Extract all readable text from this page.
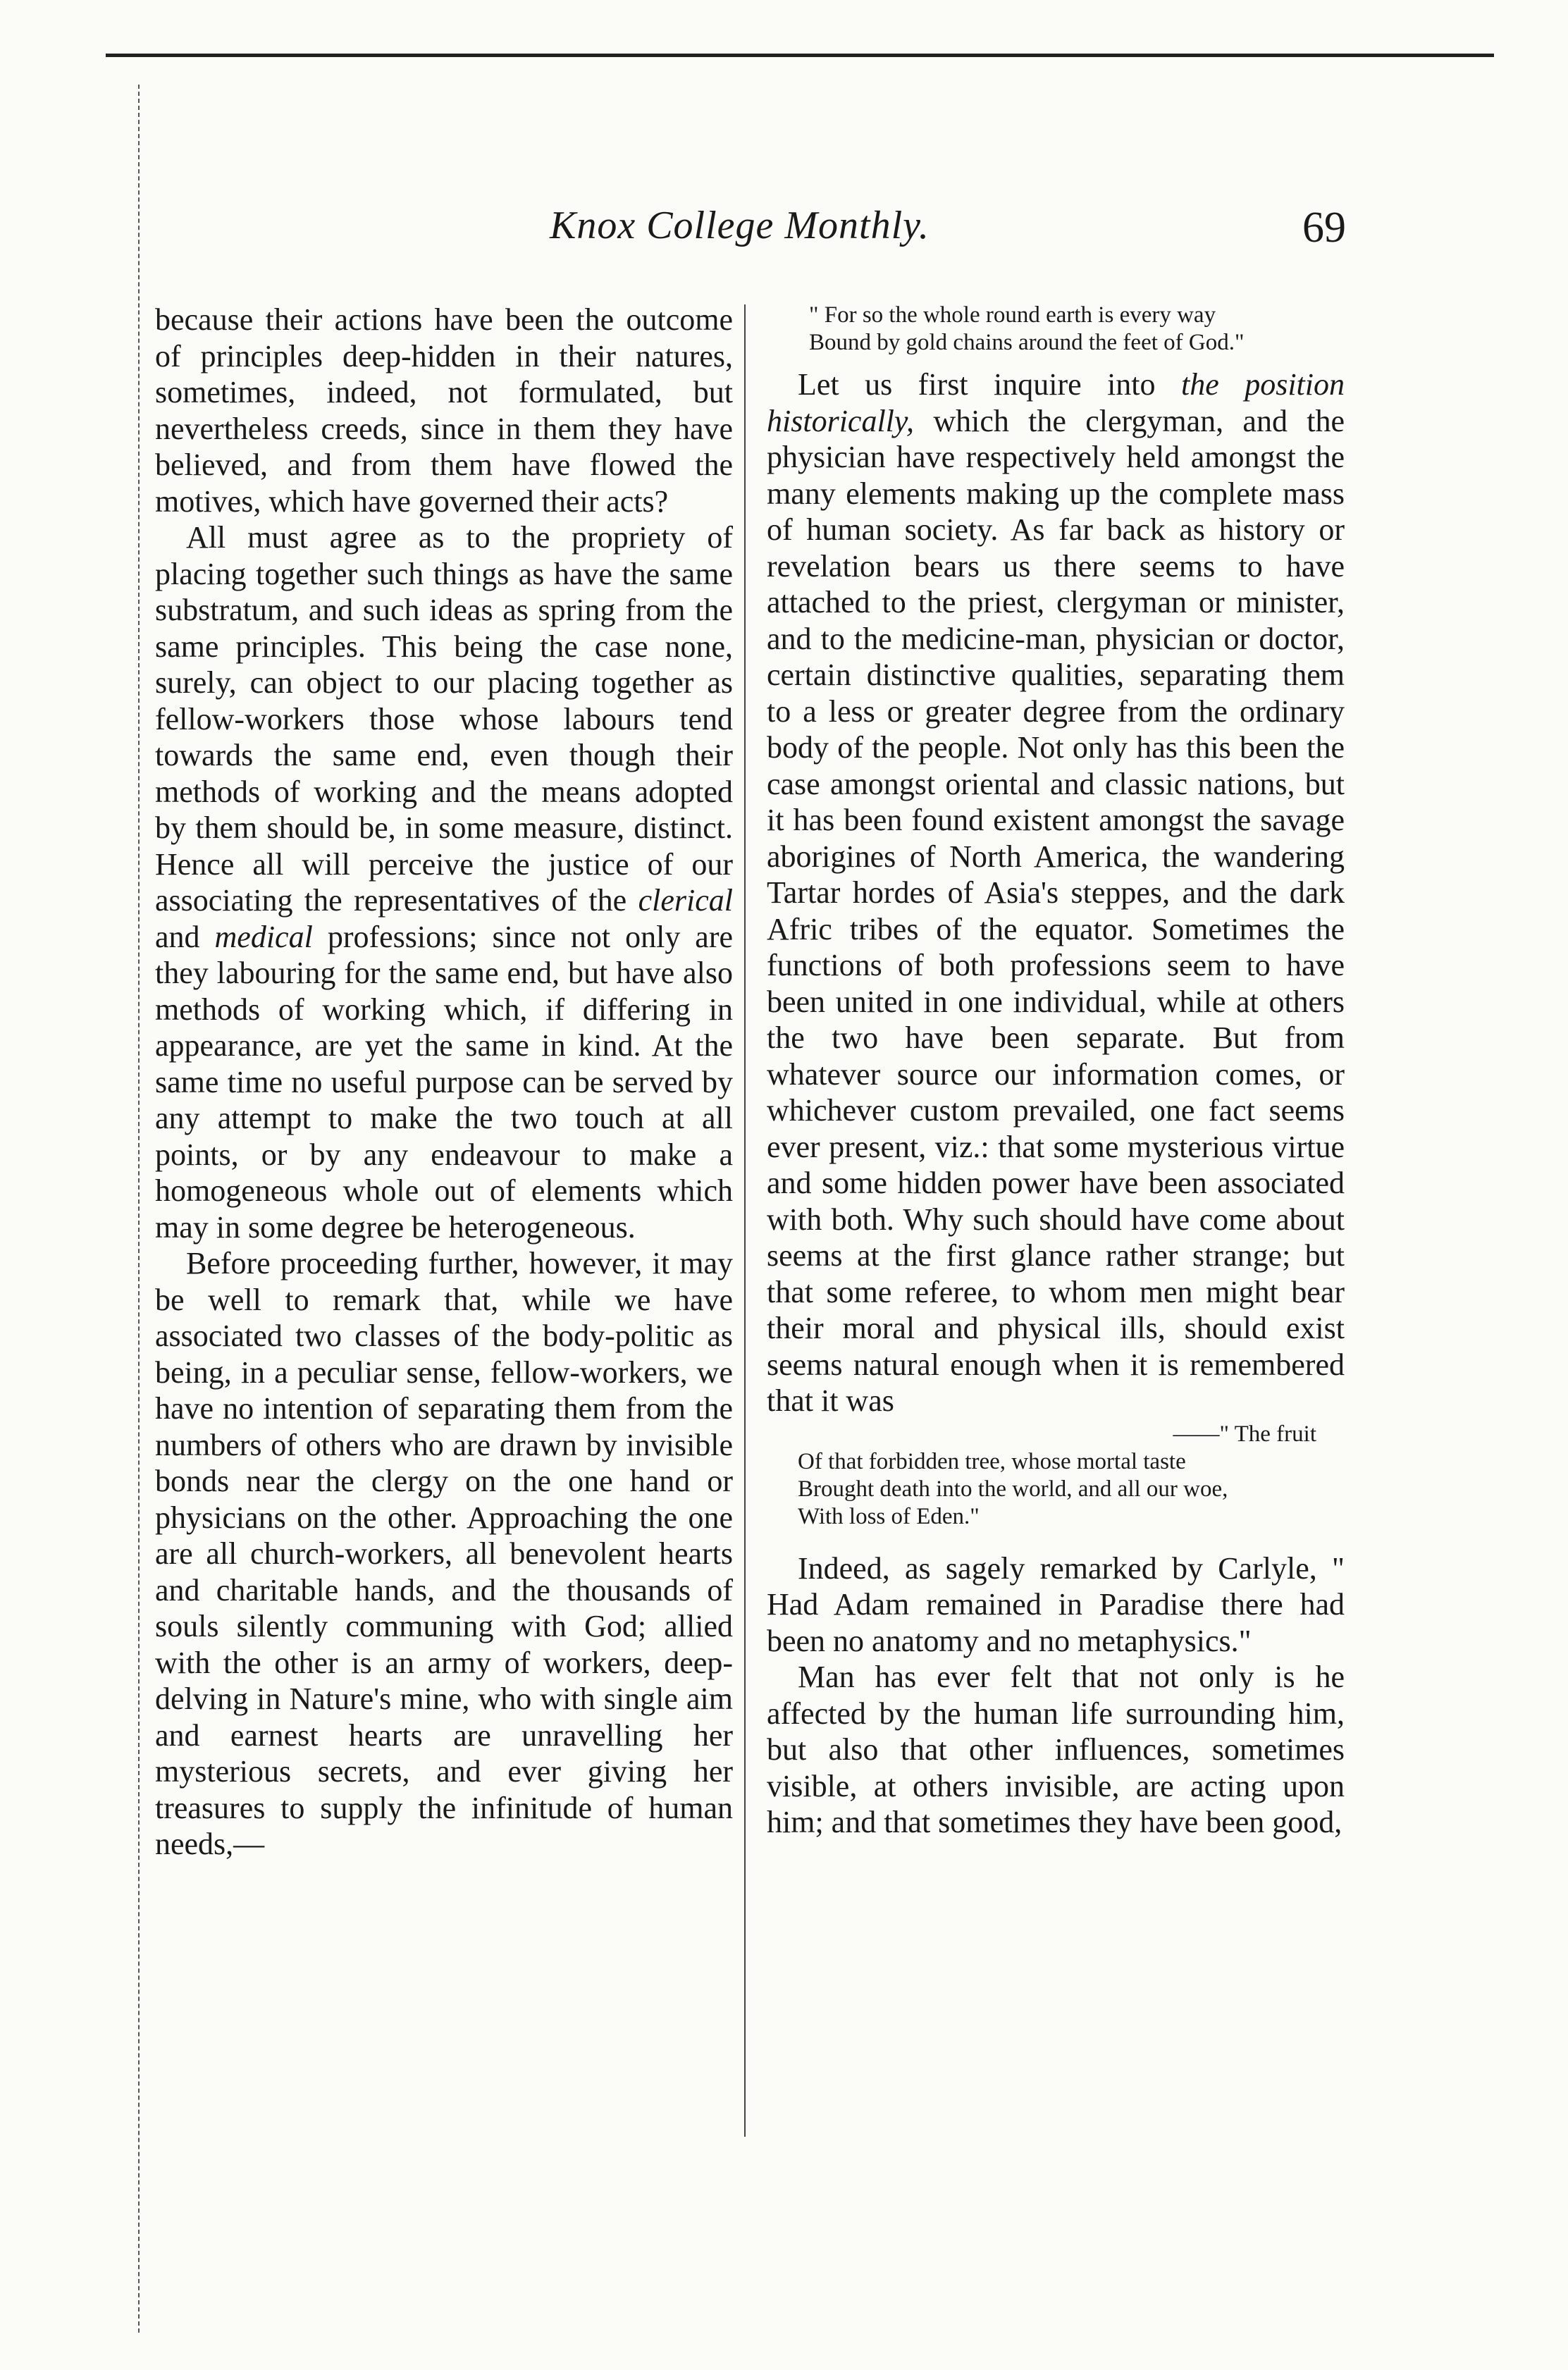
Knox College Monthly.	69

because their actions have been the outcome of principles deep-hidden in their natures, sometimes, indeed, not formulated, but nevertheless creeds, since in them they have believed, and from them have flowed the motives, which have governed their acts?

All must agree as to the propriety of placing together such things as have the same substratum, and such ideas as spring from the same principles. This being the case none, surely, can object to our placing together as fellow-workers those whose labours tend towards the same end, even though their methods of working and the means adopted by them should be, in some measure, distinct. Hence all will perceive the justice of our associating the representatives of the clerical and medical professions; since not only are they labouring for the same end, but have also methods of working which, if differing in appearance, are yet the same in kind. At the same time no useful purpose can be served by any attempt to make the two touch at all points, or by any endeavour to make a homogeneous whole out of elements which may in some degree be heterogeneous.

Before proceeding further, however, it may be well to remark that, while we have associated two classes of the body-politic as being, in a peculiar sense, fellow-workers, we have no intention of separating them from the numbers of others who are drawn by invisible bonds near the clergy on the one hand or physicians on the other. Approaching the one are all church-workers, all benevolent hearts and charitable hands, and the thousands of souls silently communing with God; allied with the other is an army of workers, deep-delving in Nature's mine, who with single aim and earnest hearts are unravelling her mysterious secrets, and ever giving her treasures to supply the infinitude of human needs,—

" For so the whole round earth is every way

Bound by gold chains around the feet of God."

Let us first inquire into the position historically, which the clergyman, and the physician have respectively held amongst the many elements making up the complete mass of human society. As far back as history or revelation bears us there seems to have attached to the priest, clergyman or minister, and to the medicine-man, physician or doctor, certain distinctive qualities, separating them to a less or greater degree from the ordinary body of the people. Not only has this been the case amongst oriental and classic nations, but it has been found existent amongst the savage aborigines of North America, the wandering Tartar hordes of Asia's steppes, and the dark Afric tribes of the equator. Sometimes the functions of both professions seem to have been united in one individual, while at others the two have been separate. But from whatever source our information comes, or whichever custom prevailed, one fact seems ever present, viz.: that some mysterious virtue and some hidden power have been associated with both. Why such should have come about seems at the first glance rather strange; but that some referee, to whom men might bear their moral and physical ills, should exist seems natural enough when it is remembered that it was

——" The fruit

Of that forbidden tree, whose mortal taste

Brought death into the world, and all our woe,

With loss of Eden."

Indeed, as sagely remarked by Carlyle, " Had Adam remained in Paradise there had been no anatomy and no metaphysics."

Man has ever felt that not only is he affected by the human life surrounding him, but also that other influences, sometimes visible, at others invisible, are acting upon him; and that sometimes they have been good,
